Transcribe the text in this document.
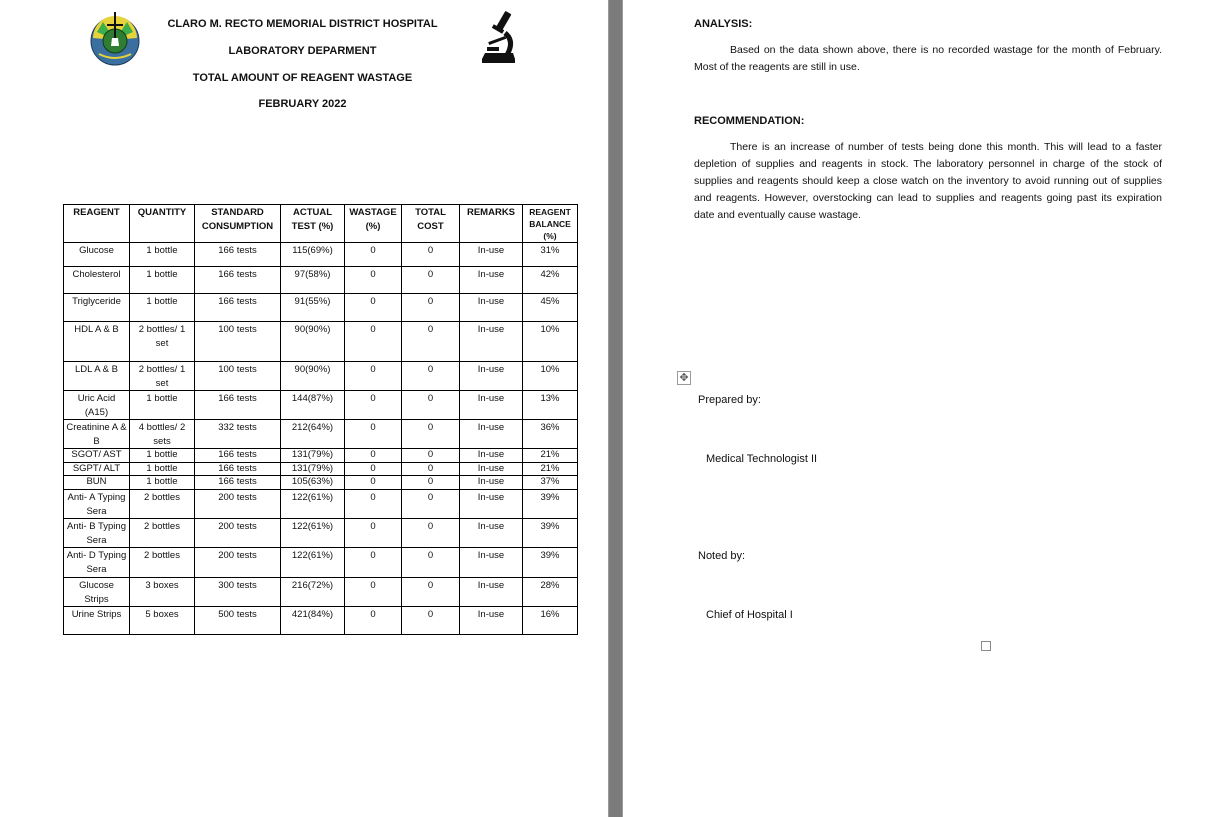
CLARO M. RECTO MEMORIAL DISTRICT HOSPITAL
LABORATORY DEPARMENT
TOTAL AMOUNT OF REAGENT WASTAGE
FEBRUARY 2022
REAGENT	QUANTITY	STANDARD CONSUMPTION	ACTUAL TEST (%)	WASTAGE (%)	TOTAL COST	REMARKS	REAGENT BALANCE (%)
Glucose	1 bottle	166 tests	115(69%)	0	0	In-use	31%
Cholesterol	1 bottle	166 tests	97(58%)	0	0	In-use	42%
Triglyceride	1 bottle	166 tests	91(55%)	0	0	In-use	45%
HDL A & B	2 bottles/ 1 set	100 tests	90(90%)	0	0	In-use	10%
LDL A & B	2 bottles/ 1 set	100 tests	90(90%)	0	0	In-use	10%
Uric Acid (A15)	1 bottle	166 tests	144(87%)	0	0	In-use	13%
Creatinine A & B	4 bottles/ 2 sets	332 tests	212(64%)	0	0	In-use	36%
SGOT/ AST	1 bottle	166 tests	131(79%)	0	0	In-use	21%
SGPT/ ALT	1 bottle	166 tests	131(79%)	0	0	In-use	21%
BUN	1 bottle	166 tests	105(63%)	0	0	In-use	37%
Anti- A Typing Sera	2 bottles	200 tests	122(61%)	0	0	In-use	39%
Anti- B Typing Sera	2 bottles	200 tests	122(61%)	0	0	In-use	39%
Anti- D Typing Sera	2 bottles	200 tests	122(61%)	0	0	In-use	39%
Glucose Strips	3 boxes	300 tests	216(72%)	0	0	In-use	28%
Urine Strips	5 boxes	500 tests	421(84%)	0	0	In-use	16%
ANALYSIS:
Based on the data shown above, there is no recorded wastage for the month of February. Most of the reagents are still in use.
RECOMMENDATION:
There is an increase of number of tests being done this month. This will lead to a faster depletion of supplies and reagents in stock. The laboratory personnel in charge of the stock of supplies and reagents should keep a close watch on the inventory to avoid running out of supplies and reagents. However, overstocking can lead to supplies and reagents going past its expiration date and eventually cause wastage.
✥
Prepared by:
Medical Technologist II
Noted by:
Chief of Hospital I
